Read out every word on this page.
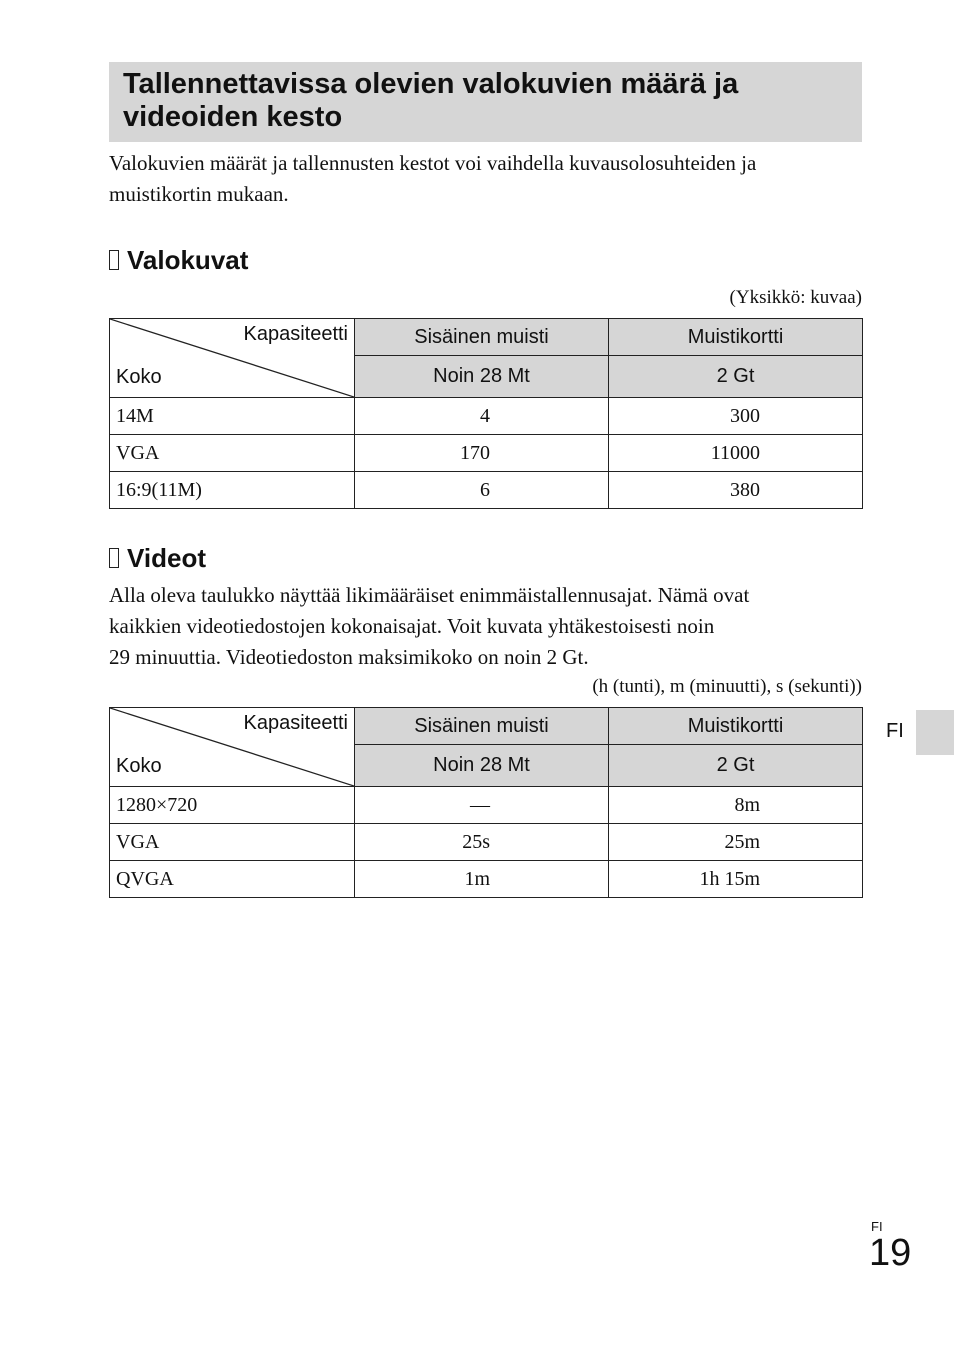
Tallennettavissa olevien valokuvien määrä ja videoiden kesto

Valokuvien määrät ja tallennusten kestot voi vaihdella kuvausolosuhteiden ja muistikortin mukaan.

Valokuvat
(Yksikkö: kuvaa)
Kapasiteetti
Koko	Sisäinen muisti	Muistikortti
	Noin 28 Mt	2 Gt
14M	4	300
VGA	170	11000
16:9(11M)	6	380
Videot
Alla oleva taulukko näyttää likimääräiset enimmäistallennusajat. Nämä ovat
kaikkien videotiedostojen kokonaisajat. Voit kuvata yhtäkestoisesti noin
29 minuuttia. Videotiedoston maksimikoko on noin 2 Gt.
(h (tunti), m (minuutti), s (sekunti))
Kapasiteetti
Koko	Sisäinen muisti	Muistikortti
	Noin 28 Mt	2 Gt
1280×720	—	8m
VGA	25s	25m
QVGA	1m	1h 15m
FI
FI
19
